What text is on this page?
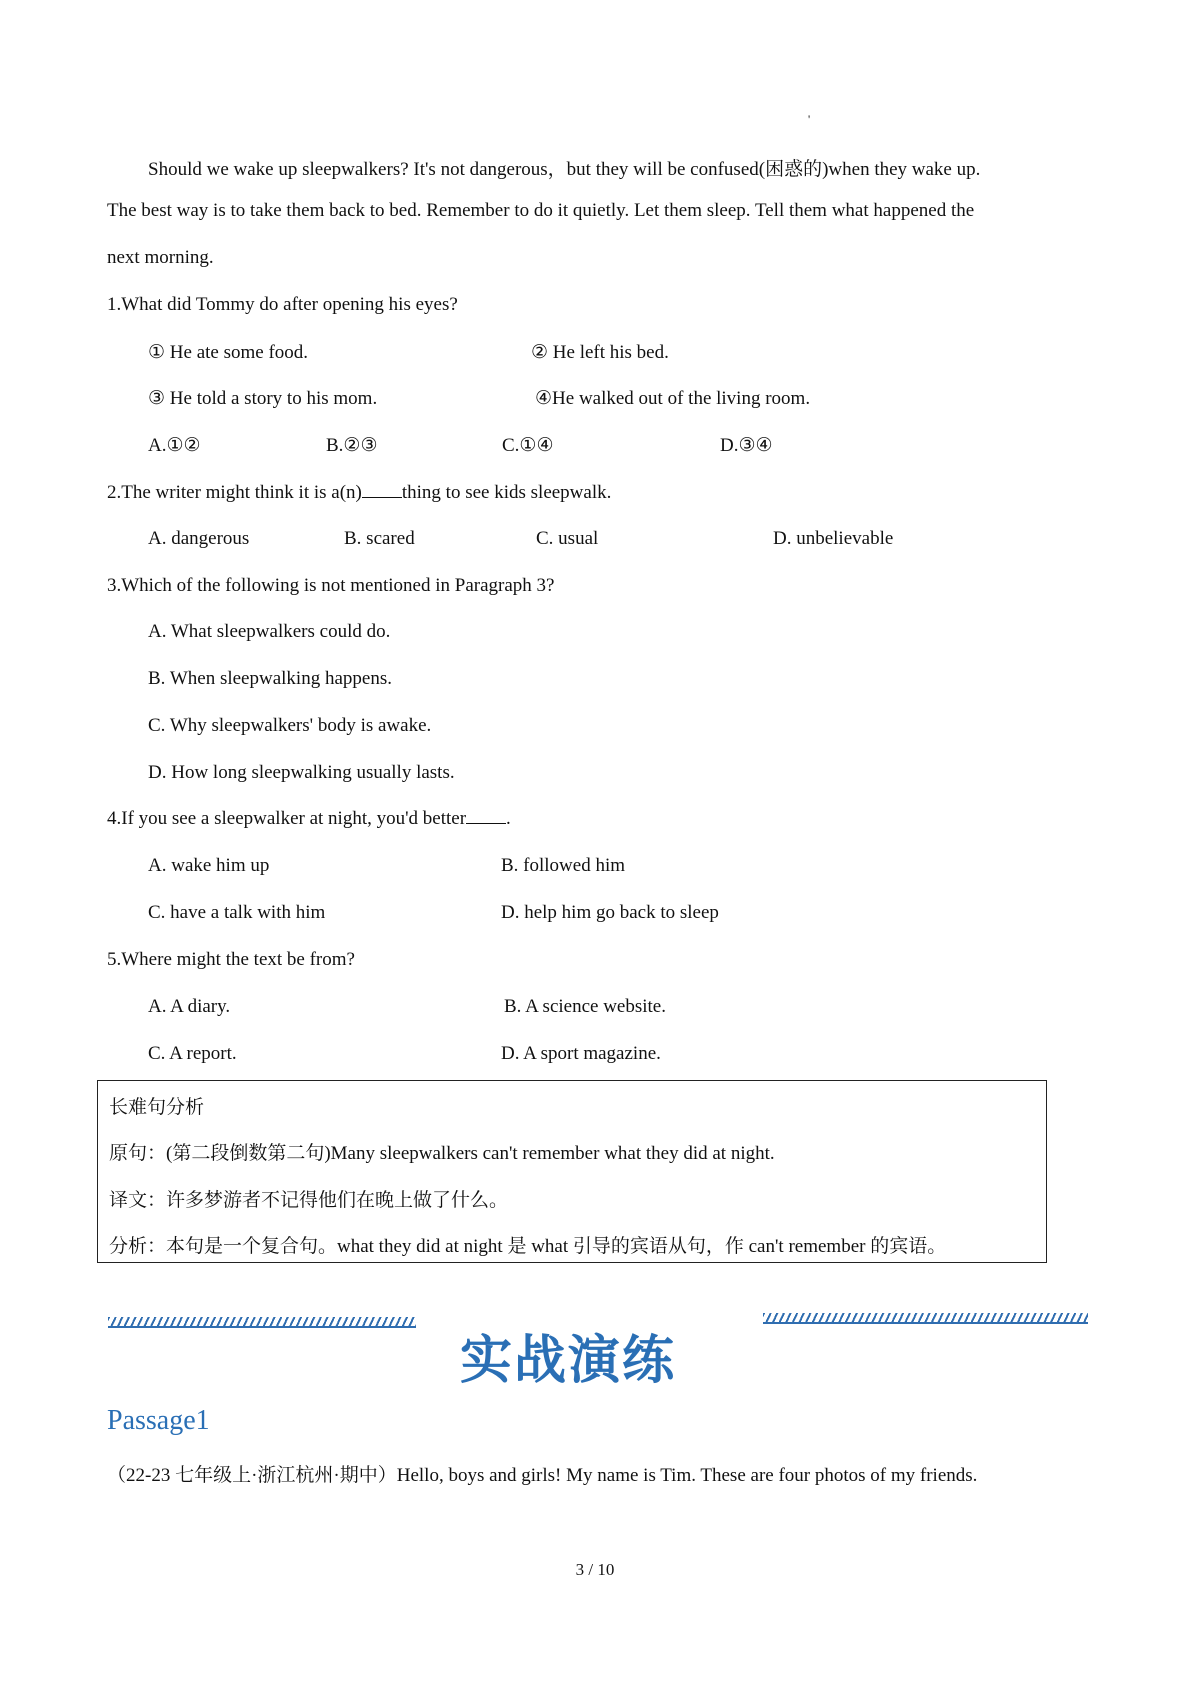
'
Should we wake up sleepwalkers? It's not dangerous，but they will be confused(困惑的)when they wake up.
The best way is to take them back to bed. Remember to do it quietly. Let them sleep. Tell them what happened the
next morning.
1.What did Tommy do after opening his eyes?
① He ate some food.	② He left his bed.
③ He told a story to his mom.	④He walked out of the living room.
A.①②	B.②③	C.①④	D.③④
2.The writer might think it is a(n) thing to see kids sleepwalk.
A. dangerous	B. scared	C. usual	D. unbelievable
3.Which of the following is not mentioned in Paragraph 3?
A. What sleepwalkers could do.
B. When sleepwalking happens.
C. Why sleepwalkers' body is awake.
D. How long sleepwalking usually lasts.
4.If you see a sleepwalker at night, you'd better .
A. wake him up	B. followed him
C. have a talk with him	D. help him go back to sleep
5.Where might the text be from?
A. A diary.	B. A science website.
C. A report.	D. A sport magazine.
长难句分析
原句：(第二段倒数第二句)Many sleepwalkers can't remember what they did at night.
译文：许多梦游者不记得他们在晚上做了什么。
分析：本句是一个复合句。what they did at night 是 what 引导的宾语从句，作 can't remember 的宾语。
实战演练
Passage1
（22-23 七年级上·浙江杭州·期中）Hello, boys and girls! My name is Tim. These are four photos of my friends.
3 / 10
